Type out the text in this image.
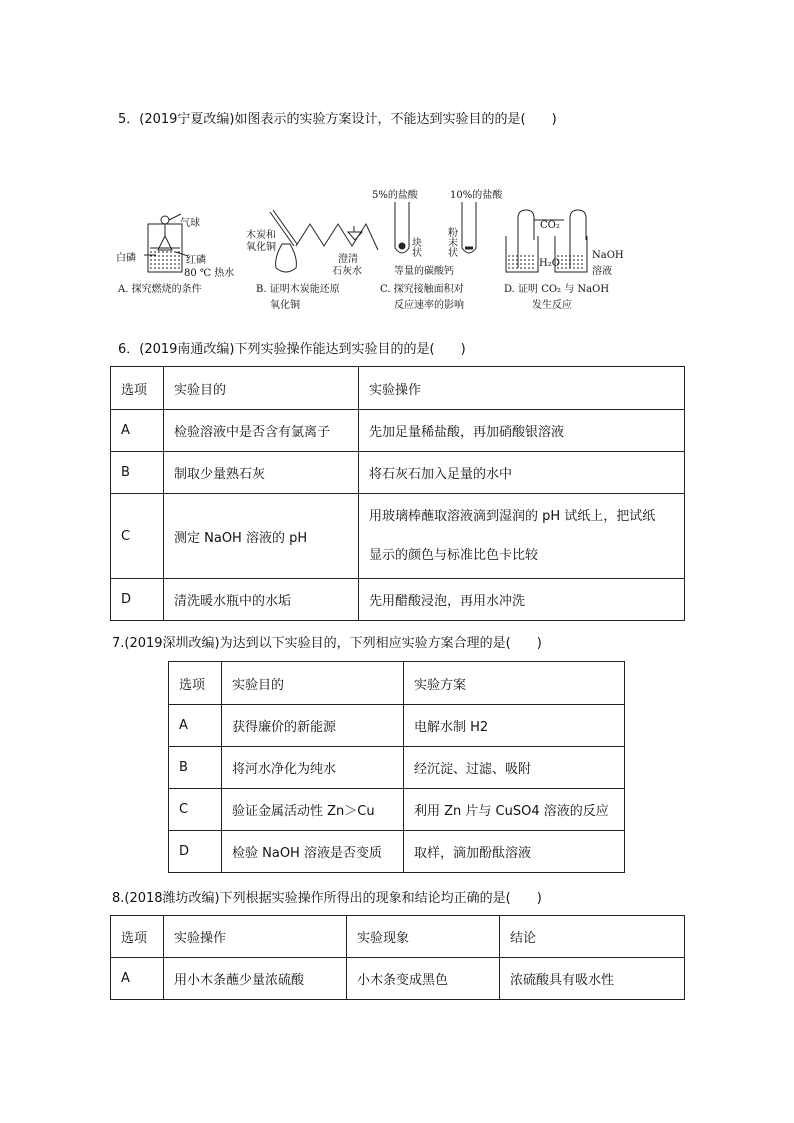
5．(2019宁夏改编)如图表示的实验方案设计，不能达到实验目的的是(　　)
气球
白磷	红磷
80 ℃ 热水
A. 探究燃烧的条件
木炭和
氧化铜
澄清
石灰水
B. 证明木炭能还原
氧化铜
5%的盐酸	10%的盐酸
块
状
粉
末
状
等量的碳酸钙
C. 探究接触面积对
反应速率的影响
CO₂
H₂O
NaOH
溶液
D. 证明 CO₂ 与 NaOH
发生反应
6．(2019南通改编)下列实验操作能达到实验目的的是(　　)
选项	实验目的	实验操作
A	检验溶液中是否含有氯离子	先加足量稀盐酸，再加硝酸银溶液
B	制取少量熟石灰	将石灰石加入足量的水中
C	测定 NaOH 溶液的 pH	用玻璃棒蘸取溶液滴到湿润的 pH 试纸上，把试纸
显示的颜色与标准比色卡比较

D	清洗暖水瓶中的水垢	先用醋酸浸泡，再用水冲洗
7.(2019深圳改编)为达到以下实验目的，下列相应实验方案合理的是(　　)
选项	实验目的	实验方案
A	获得廉价的新能源	电解水制 H2
B	将河水净化为纯水	经沉淀、过滤、吸附
C	验证金属活动性 Zn＞Cu	利用 Zn 片与 CuSO4 溶液的反应
D	检验 NaOH 溶液是否变质	取样，滴加酚酞溶液
8.(2018潍坊改编)下列根据实验操作所得出的现象和结论均正确的是(　　)
选项	实验操作	实验现象	结论
A	用小木条蘸少量浓硫酸	小木条变成黑色	浓硫酸具有吸水性
